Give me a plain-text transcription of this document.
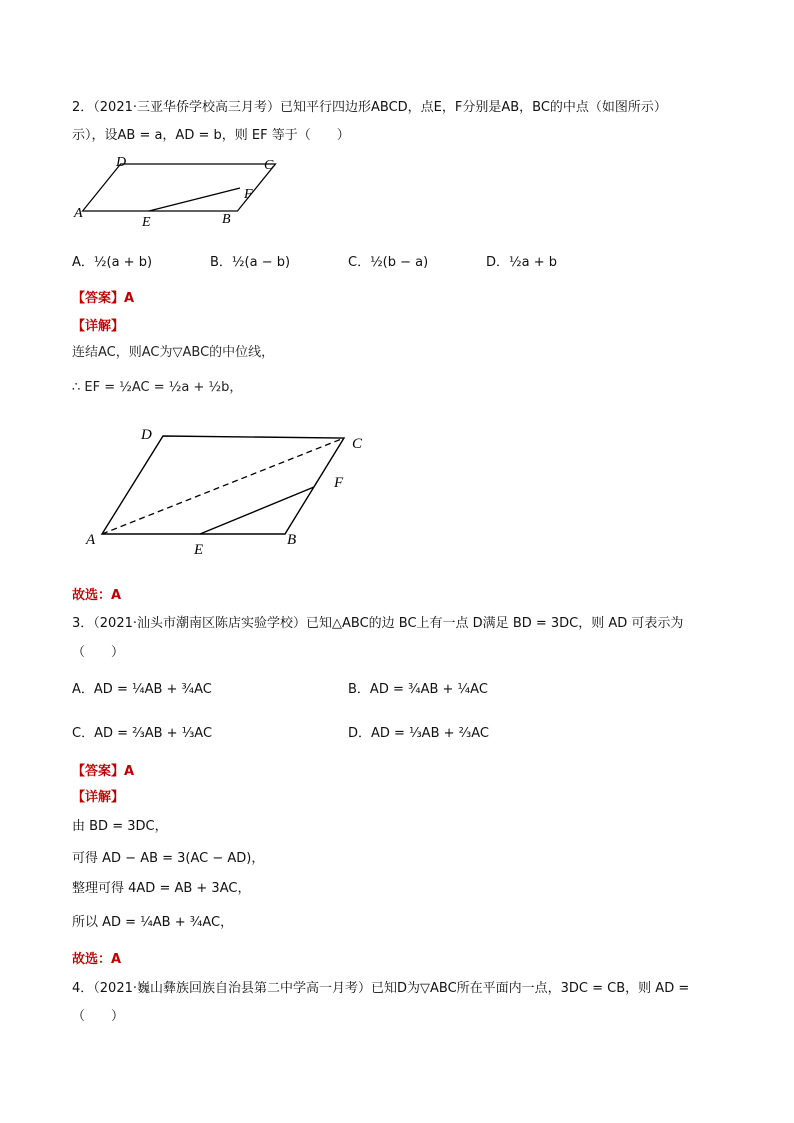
2．（2021·三亚华侨学校高三月考）已知平行四边形ABCD，点E，F分别是AB，BC的中点（如图所示）
示），设AB = a，AD = b，则 EF 等于（　　）
A
E	B
F
D	C
A．½(a + b)	B．½(a − b)	C．½(b − a)	D．½a + b
【答案】A
【详解】
连结AC，则AC为▽ABC的中位线，
∴ EF = ½AC = ½a + ½b，
A
E
B
F
D
C
故选：A
3．（2021·汕头市潮南区陈店实验学校）已知△ABC的边 BC上有一点 D满足 BD = 3DC，则 AD 可表示为
（　　）
A．AD = ¼AB + ¾AC	B．AD = ¾AB + ¼AC
C．AD = ⅔AB + ⅓AC	D．AD = ⅓AB + ⅔AC
【答案】A
【详解】
由 BD = 3DC，
可得 AD − AB = 3(AC − AD)，
整理可得 4AD = AB + 3AC，
所以 AD = ¼AB + ¾AC，
故选：A
4．（2021·巍山彝族回族自治县第二中学高一月考）已知D为▽ABC所在平面内一点，3DC = CB，则 AD =
（　　）
